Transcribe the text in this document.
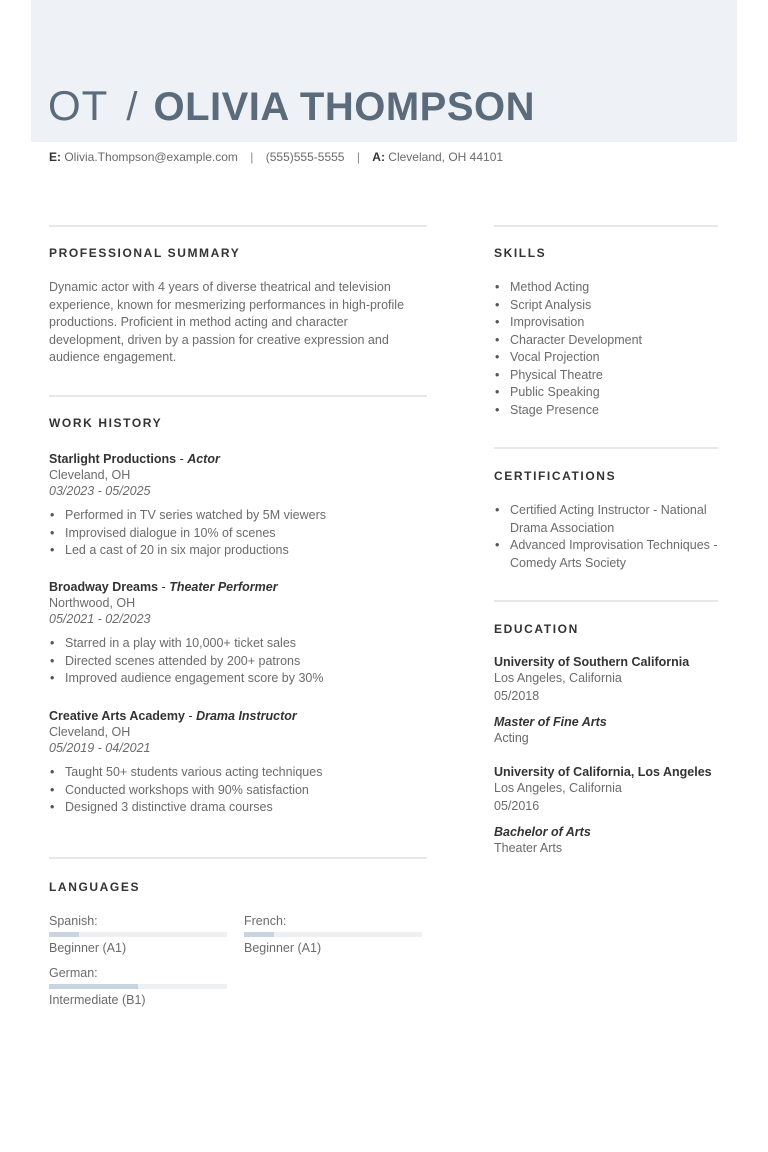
OT / OLIVIA THOMPSON
E: Olivia.Thompson@example.com | (555)555-5555 | A: Cleveland, OH 44101
PROFESSIONAL SUMMARY
Dynamic actor with 4 years of diverse theatrical and television experience, known for mesmerizing performances in high-profile productions. Proficient in method acting and character development, driven by a passion for creative expression and audience engagement.
WORK HISTORY
Starlight Productions - Actor
Cleveland, OH
03/2023 - 05/2025
• Performed in TV series watched by 5M viewers
• Improvised dialogue in 10% of scenes
• Led a cast of 20 in six major productions
Broadway Dreams - Theater Performer
Northwood, OH
05/2021 - 02/2023
• Starred in a play with 10,000+ ticket sales
• Directed scenes attended by 200+ patrons
• Improved audience engagement score by 30%
Creative Arts Academy - Drama Instructor
Cleveland, OH
05/2019 - 04/2021
• Taught 50+ students various acting techniques
• Conducted workshops with 90% satisfaction
• Designed 3 distinctive drama courses
LANGUAGES
Spanish:
Beginner (A1)
French:
Beginner (A1)
German:
Intermediate (B1)
SKILLS
• Method Acting
• Script Analysis
• Improvisation
• Character Development
• Vocal Projection
• Physical Theatre
• Public Speaking
• Stage Presence
CERTIFICATIONS
• Certified Acting Instructor - National Drama Association
• Advanced Improvisation Techniques - Comedy Arts Society
EDUCATION
University of Southern California
Los Angeles, California
05/2018
Master of Fine Arts
Acting
University of California, Los Angeles
Los Angeles, California
05/2016
Bachelor of Arts
Theater Arts
